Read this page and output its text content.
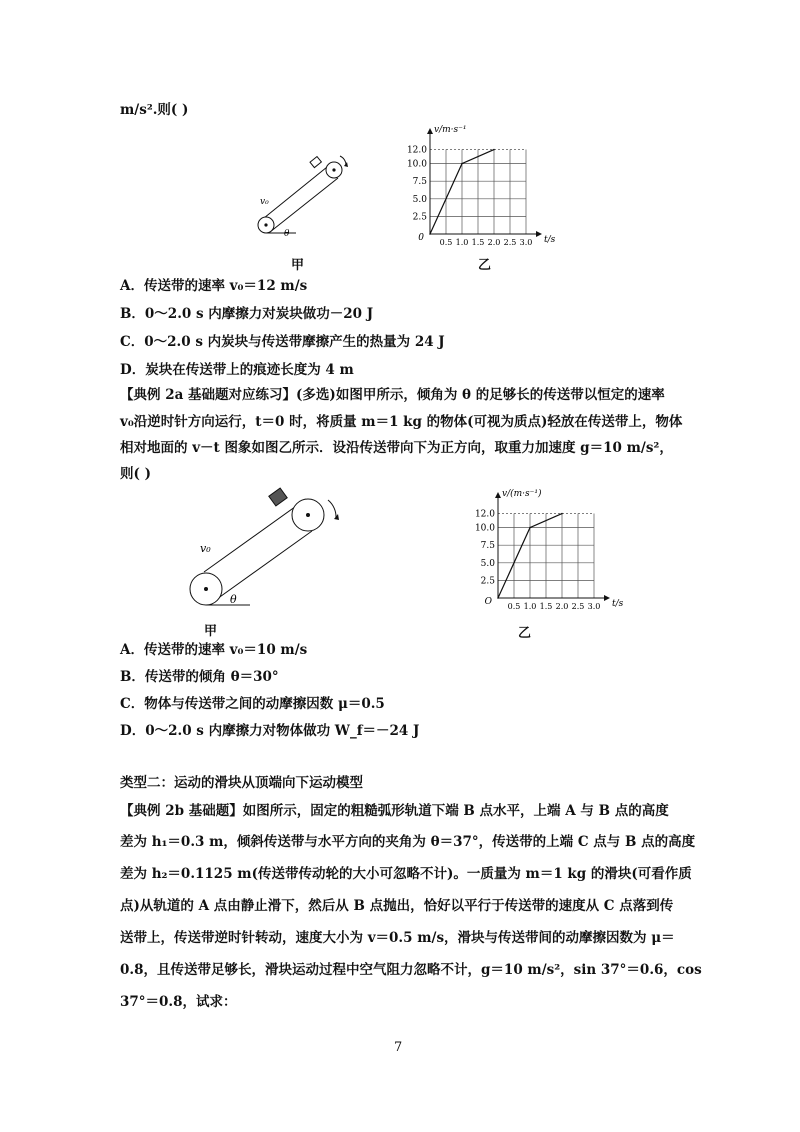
m/s².则( )
v₀
θ
甲
12.0
10.0
7.5
5.0
2.5
0.5 1.0 1.5 2.0 2.5 3.0
0
v/m·s⁻¹
t/s
乙
A．传送带的速率 v₀＝12 m/s
B．0～2.0 s 内摩擦力对炭块做功－20 J
C．0～2.0 s 内炭块与传送带摩擦产生的热量为 24 J
D．炭块在传送带上的痕迹长度为 4 m
【典例 2a 基础题对应练习】(多选)如图甲所示，倾角为 θ 的足够长的传送带以恒定的速率
v₀沿逆时针方向运行，t＝0 时，将质量 m＝1 kg 的物体(可视为质点)轻放在传送带上，物体
相对地面的 v－t 图象如图乙所示．设沿传送带向下为正方向，取重力加速度 g＝10 m/s²，
则( )
v₀
θ
甲
12.0
10.0
7.5
5.0
2.5
0.5 1.0 1.5 2.0 2.5 3.0
O
v/(m·s⁻¹)
t/s
乙
A．传送带的速率 v₀＝10 m/s
B．传送带的倾角 θ＝30°
C．物体与传送带之间的动摩擦因数 μ＝0.5
D．0～2.0 s 内摩擦力对物体做功 W_f＝－24 J
类型二：运动的滑块从顶端向下运动模型
【典例 2b 基础题】如图所示，固定的粗糙弧形轨道下端 B 点水平，上端 A 与 B 点的高度
差为 h₁＝0.3 m，倾斜传送带与水平方向的夹角为 θ＝37°，传送带的上端 C 点与 B 点的高度
差为 h₂＝0.1125 m(传送带传动轮的大小可忽略不计)。一质量为 m＝1 kg 的滑块(可看作质
点)从轨道的 A 点由静止滑下，然后从 B 点抛出，恰好以平行于传送带的速度从 C 点落到传
送带上，传送带逆时针转动，速度大小为 v＝0.5 m/s，滑块与传送带间的动摩擦因数为 μ＝
0.8，且传送带足够长，滑块运动过程中空气阻力忽略不计，g＝10 m/s²，sin 37°＝0.6，cos
37°＝0.8，试求：
7
